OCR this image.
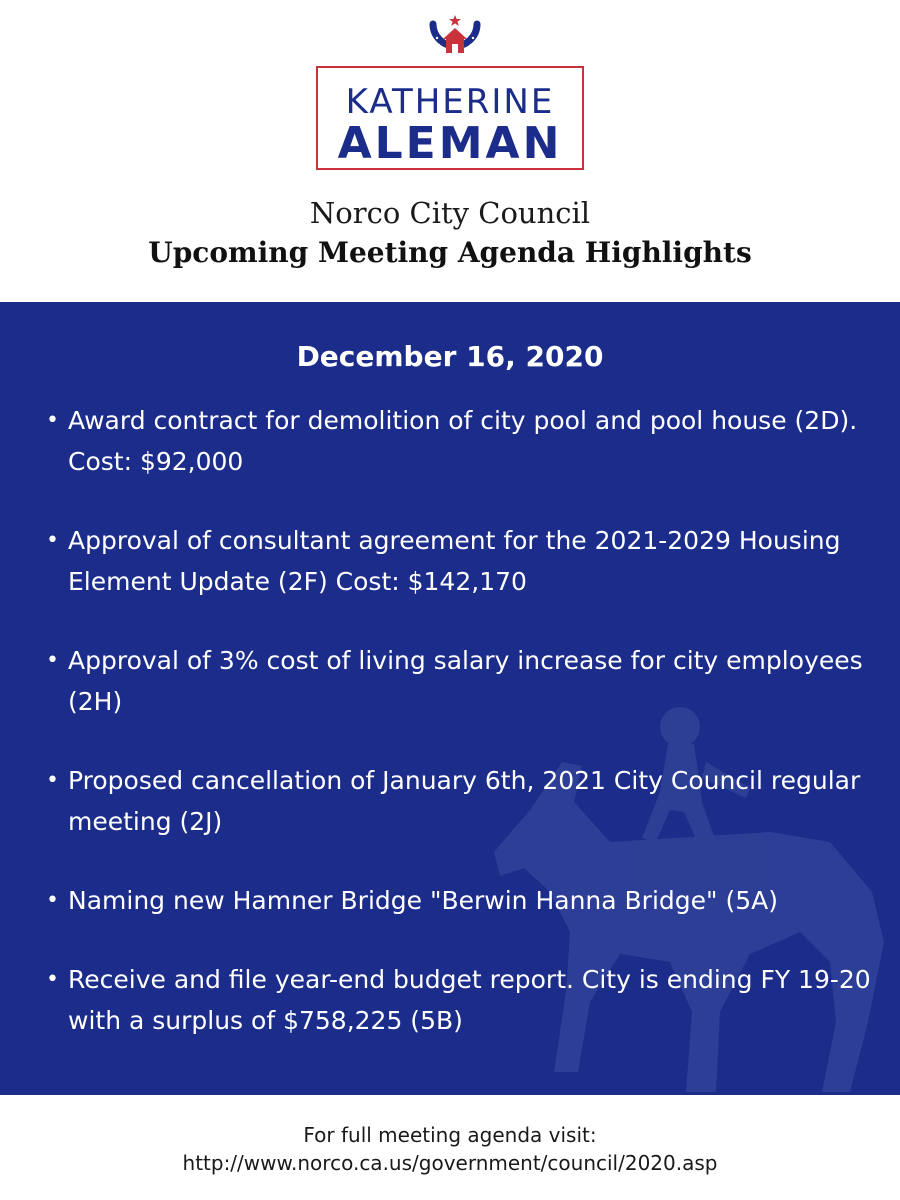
KATHERINE
ALEMAN
Norco City Council
Upcoming Meeting Agenda Highlights
December 16, 2020
• Award contract for demolition of city pool and pool house (2D). Cost: $92,000
• Approval of consultant agreement for the 2021-2029 Housing Element Update (2F) Cost: $142,170
• Approval of 3% cost of living salary increase for city employees (2H)
• Proposed cancellation of January 6th, 2021 City Council regular meeting (2J)
• Naming new Hamner Bridge "Berwin Hanna Bridge" (5A)
• Receive and file year-end budget report. City is ending FY 19-20 with a surplus of $758,225 (5B)
For full meeting agenda visit:
http://www.norco.ca.us/government/council/2020.asp
